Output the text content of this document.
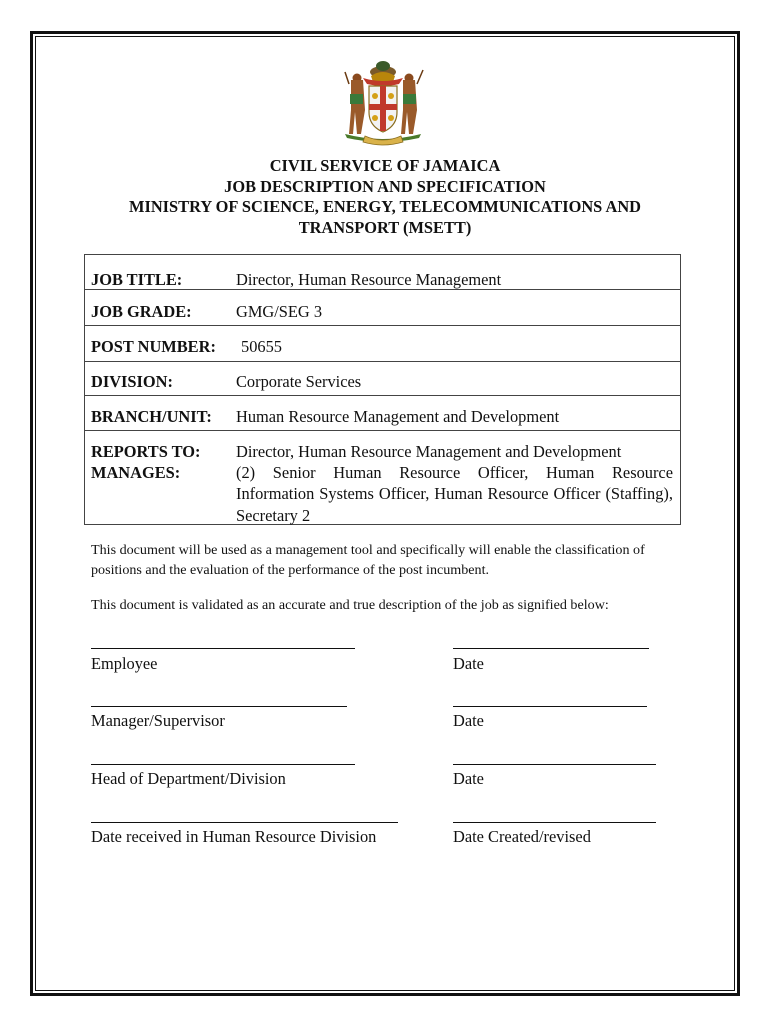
CIVIL SERVICE OF JAMAICA
JOB DESCRIPTION AND SPECIFICATION
MINISTRY OF SCIENCE, ENERGY, TELECOMMUNICATIONS AND
TRANSPORT (MSETT)
JOB TITLE:	Director, Human Resource Management
JOB GRADE:	GMG/SEG 3
POST NUMBER: 50655
DIVISION:	Corporate Services
BRANCH/UNIT: Human Resource Management and Development
REPORTS TO: Director, Human Resource Management and Development
MANAGES:	(2) Senior Human Resource Officer, Human Resource Information Systems Officer, Human Resource Officer (Staffing), Secretary 2
This document will be used as a management tool and specifically will enable the classification of positions and the evaluation of the performance of the post incumbent.
This document is validated as an accurate and true description of the job as signified below:
Employee	Date
Manager/Supervisor	Date
Head of Department/Division	Date
Date received in Human Resource Division	Date Created/revised
